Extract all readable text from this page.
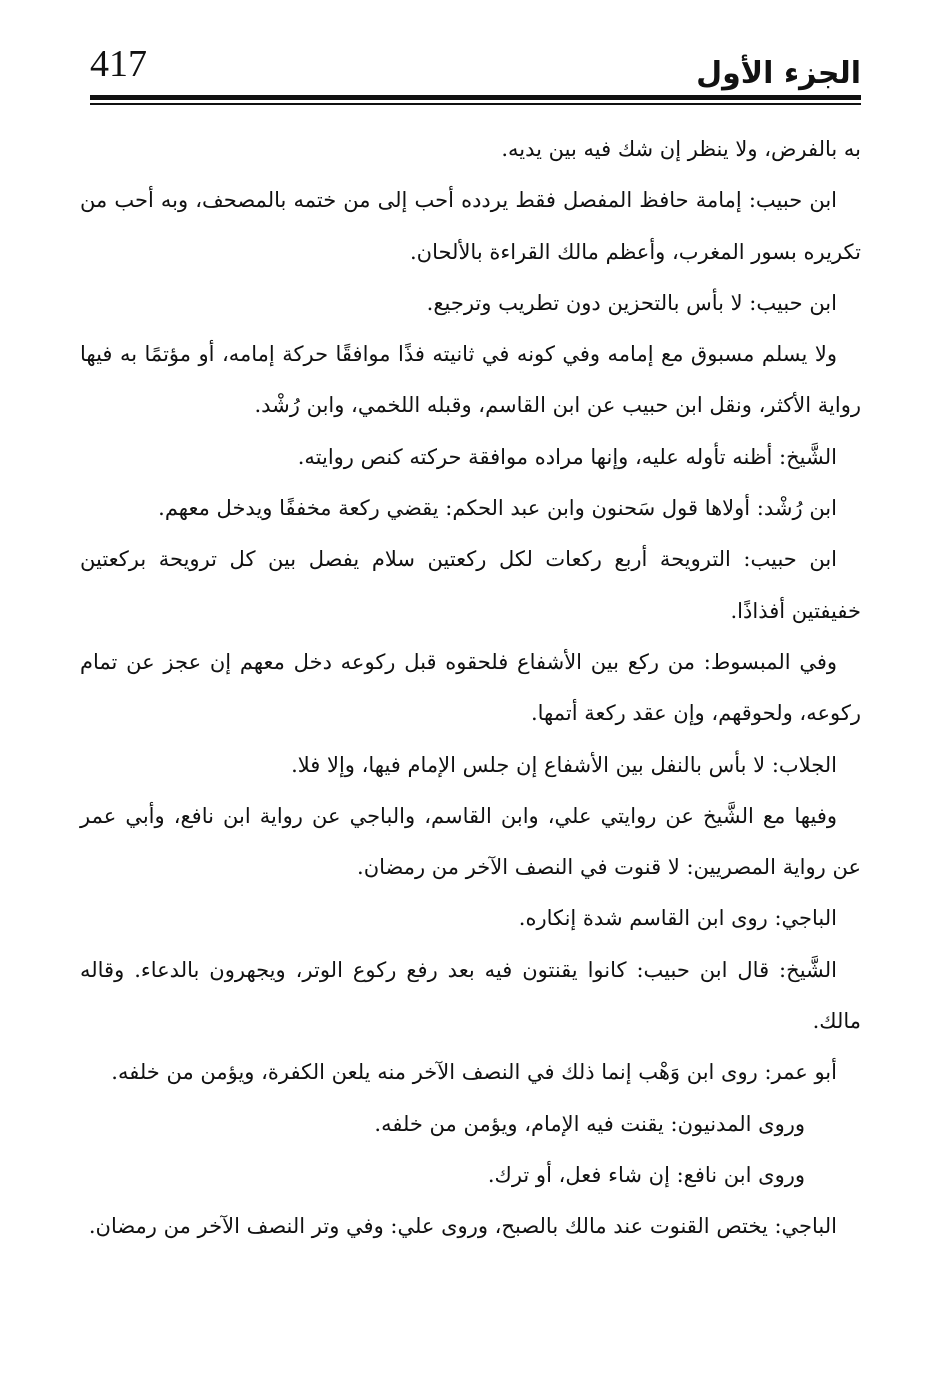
417	الجزء الأول

به بالفرض، ولا ينظر إن شك فيه بين يديه.

ابن حبيب: إمامة حافظ المفصل فقط يردده أحب إلى من ختمه بالمصحف، وبه أحب من تكريره بسور المغرب، وأعظم مالك القراءة بالألحان.

ابن حبيب: لا بأس بالتحزين دون تطريب وترجيع.

ولا يسلم مسبوق مع إمامه وفي كونه في ثانيته فذًا موافقًا حركة إمامه، أو مؤتمًا به فيها رواية الأكثر، ونقل ابن حبيب عن ابن القاسم، وقبله اللخمي، وابن رُشْد.

الشَّيخ: أظنه تأوله عليه، وإنها مراده موافقة حركته كنص روايته.

ابن رُشْد: أولاها قول سَحنون وابن عبد الحكم: يقضي ركعة مخففًا ويدخل معهم.

ابن حبيب: الترويحة أربع ركعات لكل ركعتين سلام يفصل بين كل ترويحة بركعتين خفيفتين أفذاذًا.

وفي المبسوط: من ركع بين الأشفاع فلحقوه قبل ركوعه دخل معهم إن عجز عن تمام ركوعه، ولحوقهم، وإن عقد ركعة أتمها.

الجلاب: لا بأس بالنفل بين الأشفاع إن جلس الإمام فيها، وإلا فلا.

وفيها مع الشَّيخ عن روايتي علي، وابن القاسم، والباجي عن رواية ابن نافع، وأبي عمر عن رواية المصريين: لا قنوت في النصف الآخر من رمضان.

الباجي: روى ابن القاسم شدة إنكاره.

الشَّيخ: قال ابن حبيب: كانوا يقنتون فيه بعد رفع ركوع الوتر، ويجهرون بالدعاء. وقاله مالك.

أبو عمر: روى ابن وَهْب إنما ذلك في النصف الآخر منه يلعن الكفرة، ويؤمن من خلفه.

وروى المدنيون: يقنت فيه الإمام، ويؤمن من خلفه.

وروى ابن نافع: إن شاء فعل، أو ترك.

الباجي: يختص القنوت عند مالك بالصبح، وروى علي: وفي وتر النصف الآخر من رمضان.
